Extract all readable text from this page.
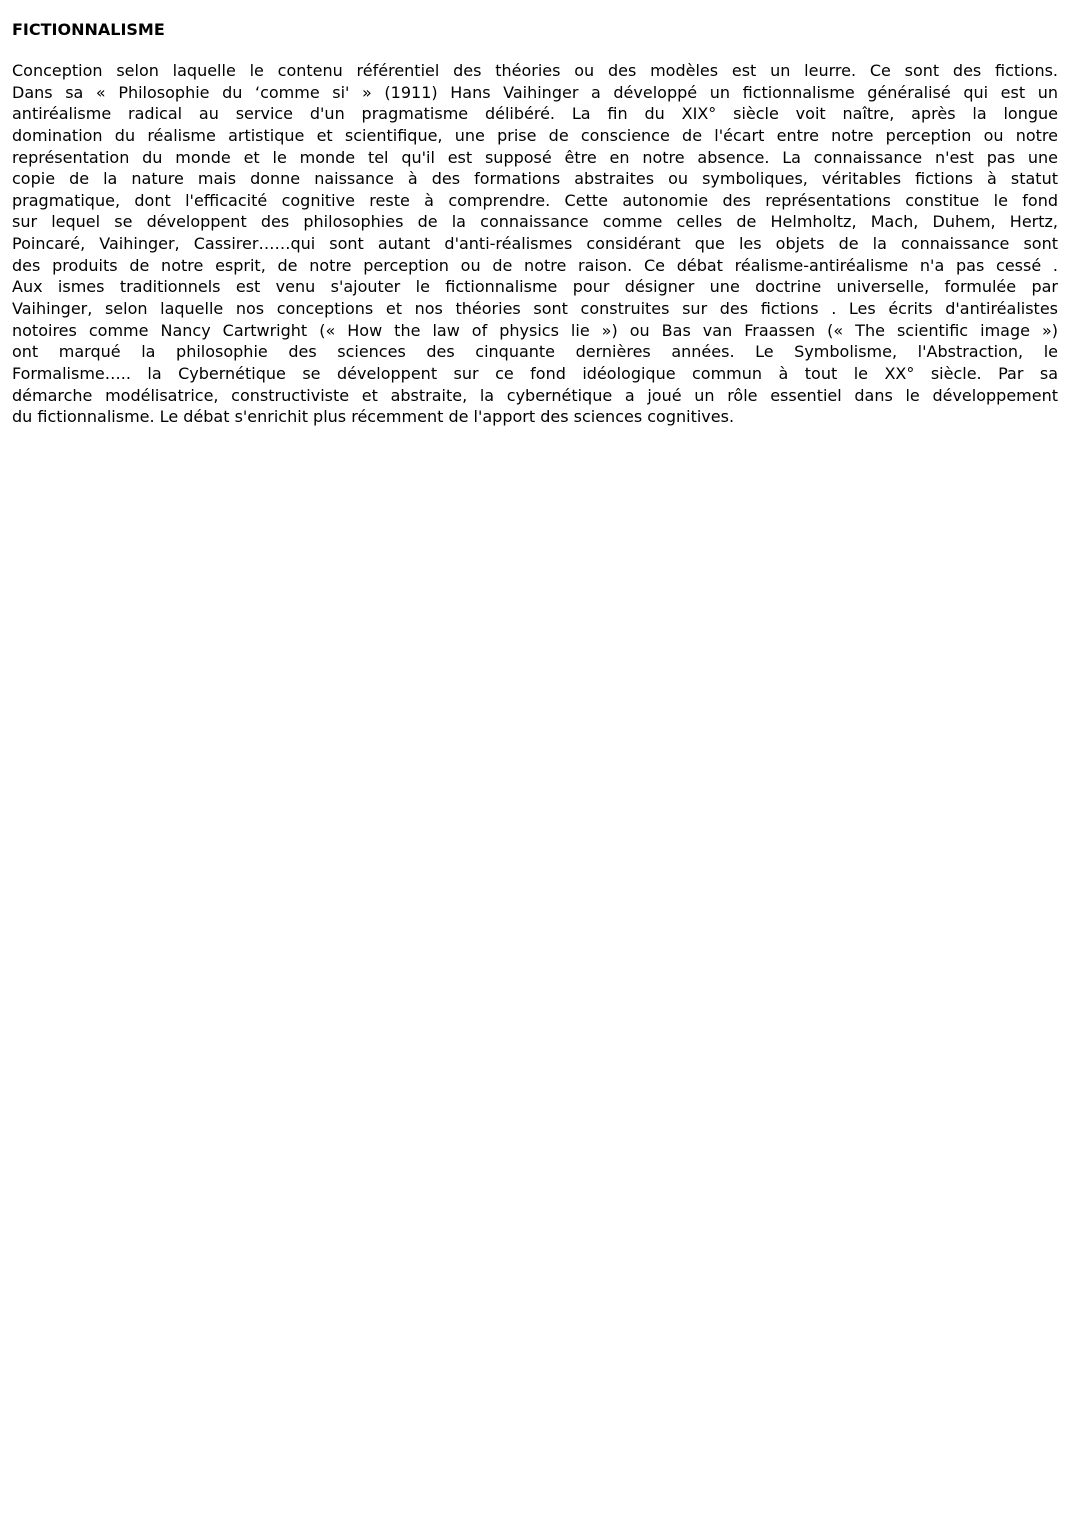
FICTIONNALISME
Conception selon laquelle le contenu référentiel des théories ou des modèles est un leurre. Ce sont des fictions.
Dans sa « Philosophie du ‘comme si' » (1911) Hans Vaihinger a développé un fictionnalisme généralisé qui est un
antiréalisme radical au service d'un pragmatisme délibéré. La fin du XIX° siècle voit naître, après la longue
domination du réalisme artistique et scientifique, une prise de conscience de l'écart entre notre perception ou notre
représentation du monde et le monde tel qu'il est supposé être en notre absence. La connaissance n'est pas une
copie de la nature mais donne naissance à des formations abstraites ou symboliques, véritables fictions à statut
pragmatique, dont l'efficacité cognitive reste à comprendre. Cette autonomie des représentations constitue le fond
sur lequel se développent des philosophies de la connaissance comme celles de Helmholtz, Mach, Duhem, Hertz,
Poincaré, Vaihinger, Cassirer……qui sont autant d'anti-réalismes considérant que les objets de la connaissance sont
des produits de notre esprit, de notre perception ou de notre raison. Ce débat réalisme-antiréalisme n'a pas cessé .
Aux ismes traditionnels est venu s'ajouter le fictionnalisme pour désigner une doctrine universelle, formulée par
Vaihinger, selon laquelle nos conceptions et nos théories sont construites sur des fictions . Les écrits d'antiréalistes
notoires comme Nancy Cartwright (« How the law of physics lie ») ou Bas van Fraassen (« The scientific image »)
ont marqué la philosophie des sciences des cinquante dernières années. Le Symbolisme, l'Abstraction, le
Formalisme….. la Cybernétique se développent sur ce fond idéologique commun à tout le XX° siècle. Par sa
démarche modélisatrice, constructiviste et abstraite, la cybernétique a joué un rôle essentiel dans le développement
du fictionnalisme. Le débat s'enrichit plus récemment de l'apport des sciences cognitives.
